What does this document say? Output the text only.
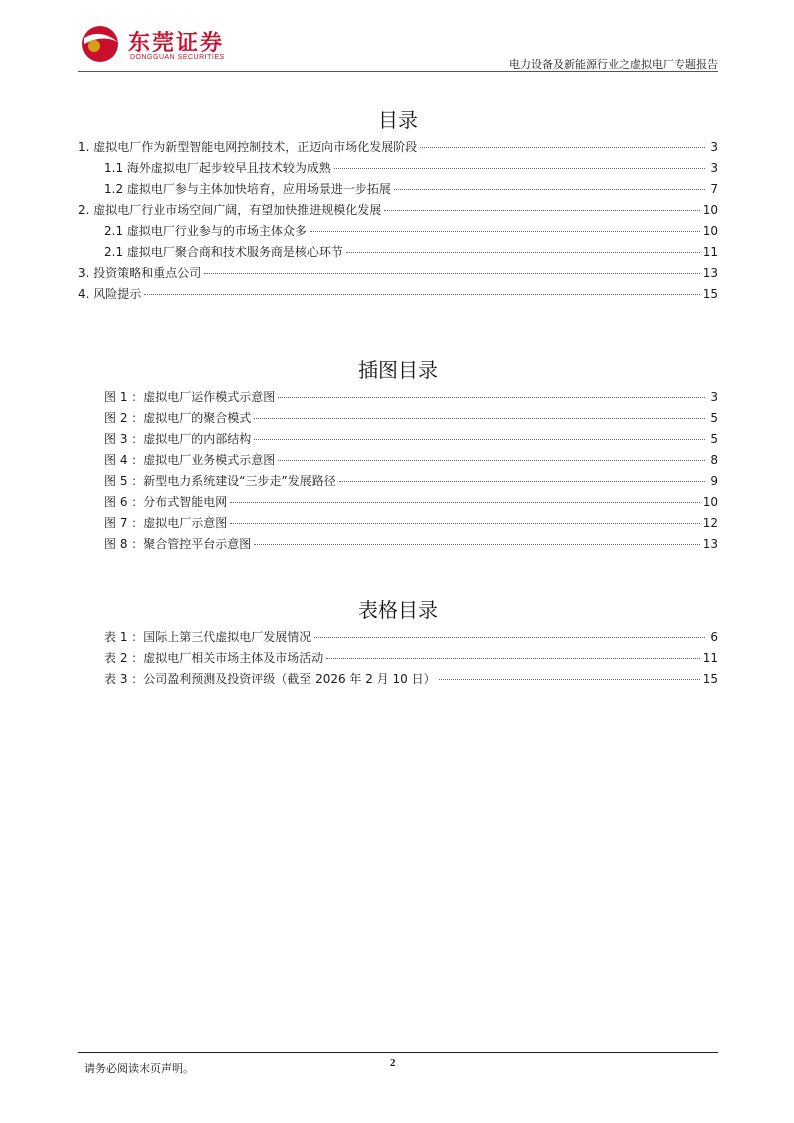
东莞证券
DONGGUAN SECURITIES
电力设备及新能源行业之虚拟电厂专题报告
目录
1. 虚拟电厂作为新型智能电网控制技术，正迈向市场化发展阶段	3
1.1 海外虚拟电厂起步较早且技术较为成熟	3
1.2 虚拟电厂参与主体加快培育，应用场景进一步拓展	7
2. 虚拟电厂行业市场空间广阔，有望加快推进规模化发展	10
2.1 虚拟电厂行业参与的市场主体众多	10
2.1 虚拟电厂聚合商和技术服务商是核心环节	11
3. 投资策略和重点公司	13
4. 风险提示	15
插图目录
图 1 ：虚拟电厂运作模式示意图	3
图 2 ：虚拟电厂的聚合模式	5
图 3 ：虚拟电厂的内部结构	5
图 4 ：虚拟电厂业务模式示意图	8
图 5 ：新型电力系统建设“三步走”发展路径	9
图 6 ：分布式智能电网	10
图 7 ：虚拟电厂示意图	12
图 8 ：聚合管控平台示意图	13
表格目录
表 1 ：国际上第三代虚拟电厂发展情况	6
表 2 ：虚拟电厂相关市场主体及市场活动	11
表 3 ：公司盈利预测及投资评级（截至 2026 年 2 月 10 日）	15
请务必阅读末页声明。	2
